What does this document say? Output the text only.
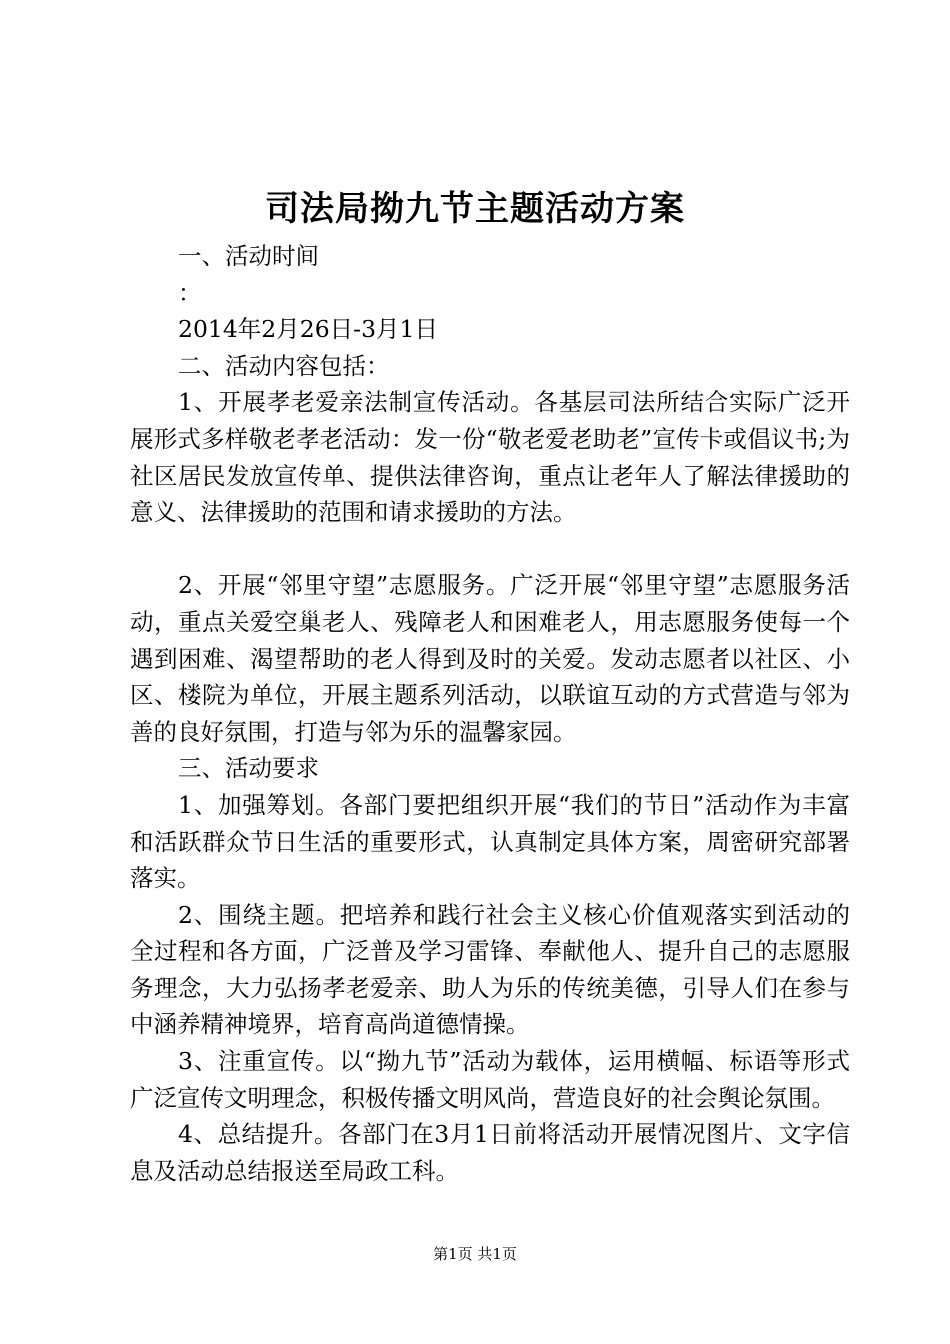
司法局拗九节主题活动方案

一、活动时间

：

2014年2月26日-3月1日

二、活动内容包括：

1、开展孝老爱亲法制宣传活动。各基层司法所结合实际广泛开展形式多样敬老孝老活动：发一份“敬老爱老助老”宣传卡或倡议书;为社区居民发放宣传单、提供法律咨询，重点让老年人了解法律援助的意义、法律援助的范围和请求援助的方法。

2、开展“邻里守望”志愿服务。广泛开展“邻里守望”志愿服务活动，重点关爱空巢老人、残障老人和困难老人，用志愿服务使每一个遇到困难、渴望帮助的老人得到及时的关爱。发动志愿者以社区、小区、楼院为单位，开展主题系列活动，以联谊互动的方式营造与邻为善的良好氛围，打造与邻为乐的温馨家园。

三、活动要求

1、加强筹划。各部门要把组织开展“我们的节日”活动作为丰富和活跃群众节日生活的重要形式，认真制定具体方案，周密研究部署落实。

2、围绕主题。把培养和践行社会主义核心价值观落实到活动的全过程和各方面，广泛普及学习雷锋、奉献他人、提升自己的志愿服务理念，大力弘扬孝老爱亲、助人为乐的传统美德，引导人们在参与中涵养精神境界，培育高尚道德情操。

3、注重宣传。以“拗九节”活动为载体，运用横幅、标语等形式广泛宣传文明理念，积极传播文明风尚，营造良好的社会舆论氛围。

4、总结提升。各部门在3月1日前将活动开展情况图片、文字信息及活动总结报送至局政工科。

第1页 共1页
